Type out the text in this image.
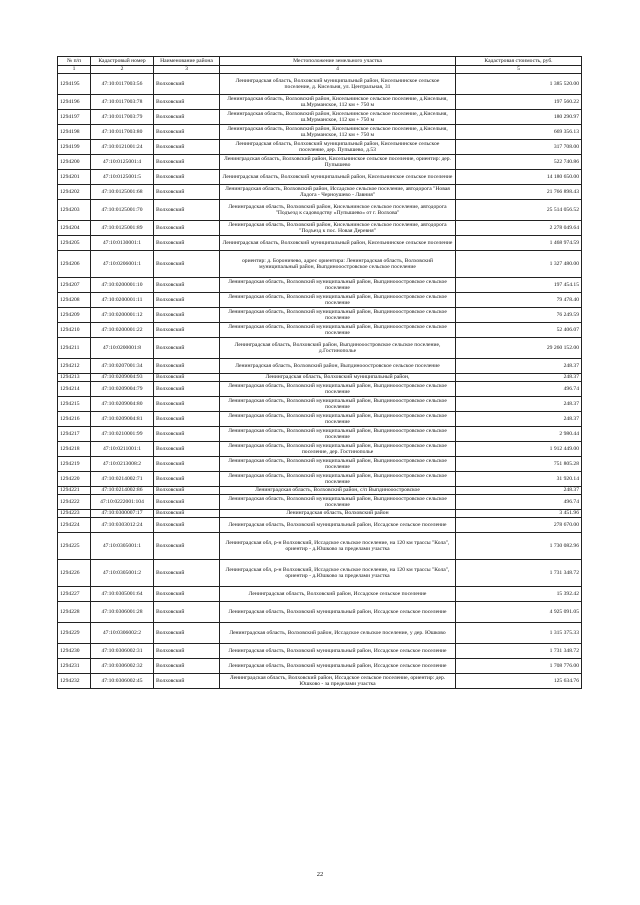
№ п/п	Кадастровый номер	Наименование района	Местоположение земельного участка	Кадастровая стоимость, руб.
1	2	3	4	5
1294195	47:10:0117003:56	Волховский	Ленинградская область, Волховский муниципальный район, Кисельнинское сельское поселение, д. Кисельня, ул. Центральная, 31	1 385 520.00
1294196	47:10:0117003:78	Волховский	Ленинградская область, Волховский район, Кисельнинское сельское поселение, д.Кисельня, ш.Мурманское, 112 км + 750 м	197 560.22
1294197	47:10:0117003:79	Волховский	Ленинградская область, Волховский район, Кисельнинское сельское поселение, д.Кисельня, ш.Мурманское, 112 км + 750 м	180 290.97
1294198	47:10:0117003:80	Волховский	Ленинградская область, Волховский район, Кисельнинское сельское поселение, д.Кисельня, ш.Мурманское, 112 км + 750 м	669 356.13
1294199	47:10:0121001:24	Волховский	Ленинградская область, Волховский муниципальный район, Кисельнинское сельское поселение, дер. Пупышево, д.53	317 708.00
1294200	47:10:0125001:4	Волховский	Ленинградская область, Волховский район, Кисельнинское сельское поселение, ориентир: дер. Пупышево	522 740.86
1294201	47:10:0125001:5	Волховский	Ленинградская область, Волховский муниципальный район, Кисельнинское сельское поселение	14 180 650.00
1294202	47:10:0125001:68	Волховский	Ленинградская область, Волховский район, Иссадское сельское поселение, автодорога "Новая Ладога - Черноушево - Лавния"	21 766 898.43
1294203	47:10:0125001:70	Волховский	Ленинградская область, Волховский район, Кисельнинское сельское поселение, автодорога "Подъезд к садоводству «Пупышево» от г. Волхова"	25 514 056.52
1294204	47:10:0125001:89	Волховский	Ленинградская область, Волховский район, Кисельнинское сельское поселение, автодорога "Подъезд к пос. Новая Деревня"	2 278 049.64
1294205	47:10:0130001:1	Волховский	Ленинградская область, Волховский муниципальный район, Кисельнинское сельское поселение	1 468 974.59
1294206	47:10:0206001:1	Волховский	ориентир: д. Бороничево, адрес ориентира: Ленинградская область, Волховский муниципальный район, Выпдинооостровское сельское поселение	1 327 480.00
1294207	47:10:0200001:10	Волховский	Ленинградская область, Волховский муниципальный район, Выпдинооостровское сельское поселение	197 454.15
1294208	47:10:0200001:11	Волховский	Ленинградская область, Волховский муниципальный район, Выпдинооостровское сельское поселение	79 478.40
1294209	47:10:0200001:12	Волховский	Ленинградская область, Волховский муниципальный район, Выпдинооостровское сельское поселение	76 249.59
1294210	47:10:0200001:22	Волховский	Ленинградская область, Волховский муниципальный район, Выпдинооостровское сельское поселение	52 406.07
1294211	47:10:0200001:8	Волховский	Ленинградская область, Волховский район, Выпдинооостровское сельское поселение, д.Гостинополье	29 260 152.00
1294212	47:10:0207001:34	Волховский	Ленинградская область, Волховский район, Выпдинооостровское сельское поселение	248.37
1294213	47:10:0209004:93	Волховский	Ленинградская область, Волховский муниципальный район,	248.37
1294214	47:10:0209004:79	Волховский	Ленинградская область, Волховский муниципальный район, Выпдинооостровское сельское поселение	496.74
1294215	47:10:0209004:80	Волховский	Ленинградская область, Волховский муниципальный район, Выпдинооостровское сельское поселение	248.37
1294216	47:10:0209004:81	Волховский	Ленинградская область, Волховский муниципальный район, Выпдинооостровское сельское поселение	248.37
1294217	47:10:0210001:99	Волховский	Ленинградская область, Волховский муниципальный район, Выпдинооостровское сельское поселение	2 980.44
1294218	47:10:0211001:1	Волховский	Ленинградская область, Волховский муниципальный район, Выпдинооостровское сельское поселение, дер. Гостинополье	1 912 449.00
1294219	47:10:0213008:2	Волховский	Ленинградская область, Волховский муниципальный район, Выпдинооостровское сельское поселение	751 805.28
1294220	47:10:0214002:71	Волховский	Ленинградская область, Волховский муниципальный район, Выпдинооостровское сельское поселение	31 920.14
1294221	47:10:0214002:86	Волховский	Ленинградская область, Волховский район, с/п Выпдинооостровское	248.37
1294222	47:10:0222001:104	Волховский	Ленинградская область, Волховский муниципальный район, Выпдинооостровское сельское поселение	496.74
1294223	47:10:0300007:17	Волховский	Ленинградская область, Волховский район	3 451.96
1294224	47:10:0303012:24	Волховский	Ленинградская область, Волховский муниципальный район, Иссадское сельское поселение	278 670.00
1294225	47:10:0305001:1	Волховский	Ленинградская обл, р-н Волховский, Иссадское сельское поселение, на 120 км трассы "Кола", ориентир - д.Юшково за пределами участка	1 730 082.96
1294226	47:10:0305001:2	Волховский	Ленинградская обл, р-н Волховский, Иссадское сельское поселение, на 120 км трассы "Кола", ориентир - д.Юшково за пределами участка	1 731 348.72
1294227	47:10:0305001:64	Волховский	Ленинградская область, Волховский район, Иссадское сельское поселение	15 392.42
1294228	47:10:0306001:28	Волховский	Ленинградская область, Волховский муниципальный район, Иссадское сельское поселение	4 925 091.05
1294229	47:10:0306002:2	Волховский	Ленинградская область, Волховский район, Иссадское сельское поселение, у дер. Юшково	1 315 375.33
1294230	47:10:0306002:31	Волховский	Ленинградская область, Волховский муниципальный район, Иссадское сельское поселение	1 731 348.72
1294231	47:10:0306002:32	Волховский	Ленинградская область, Волховский муниципальный район, Иссадское сельское поселение	1 708 776.00
1294232	47:10:0306002:45	Волховский	Ленинградская область, Волховский район, Иссадское сельское поселение, ориентир: дер. Юшково - за пределами участка	125 634.76
22
